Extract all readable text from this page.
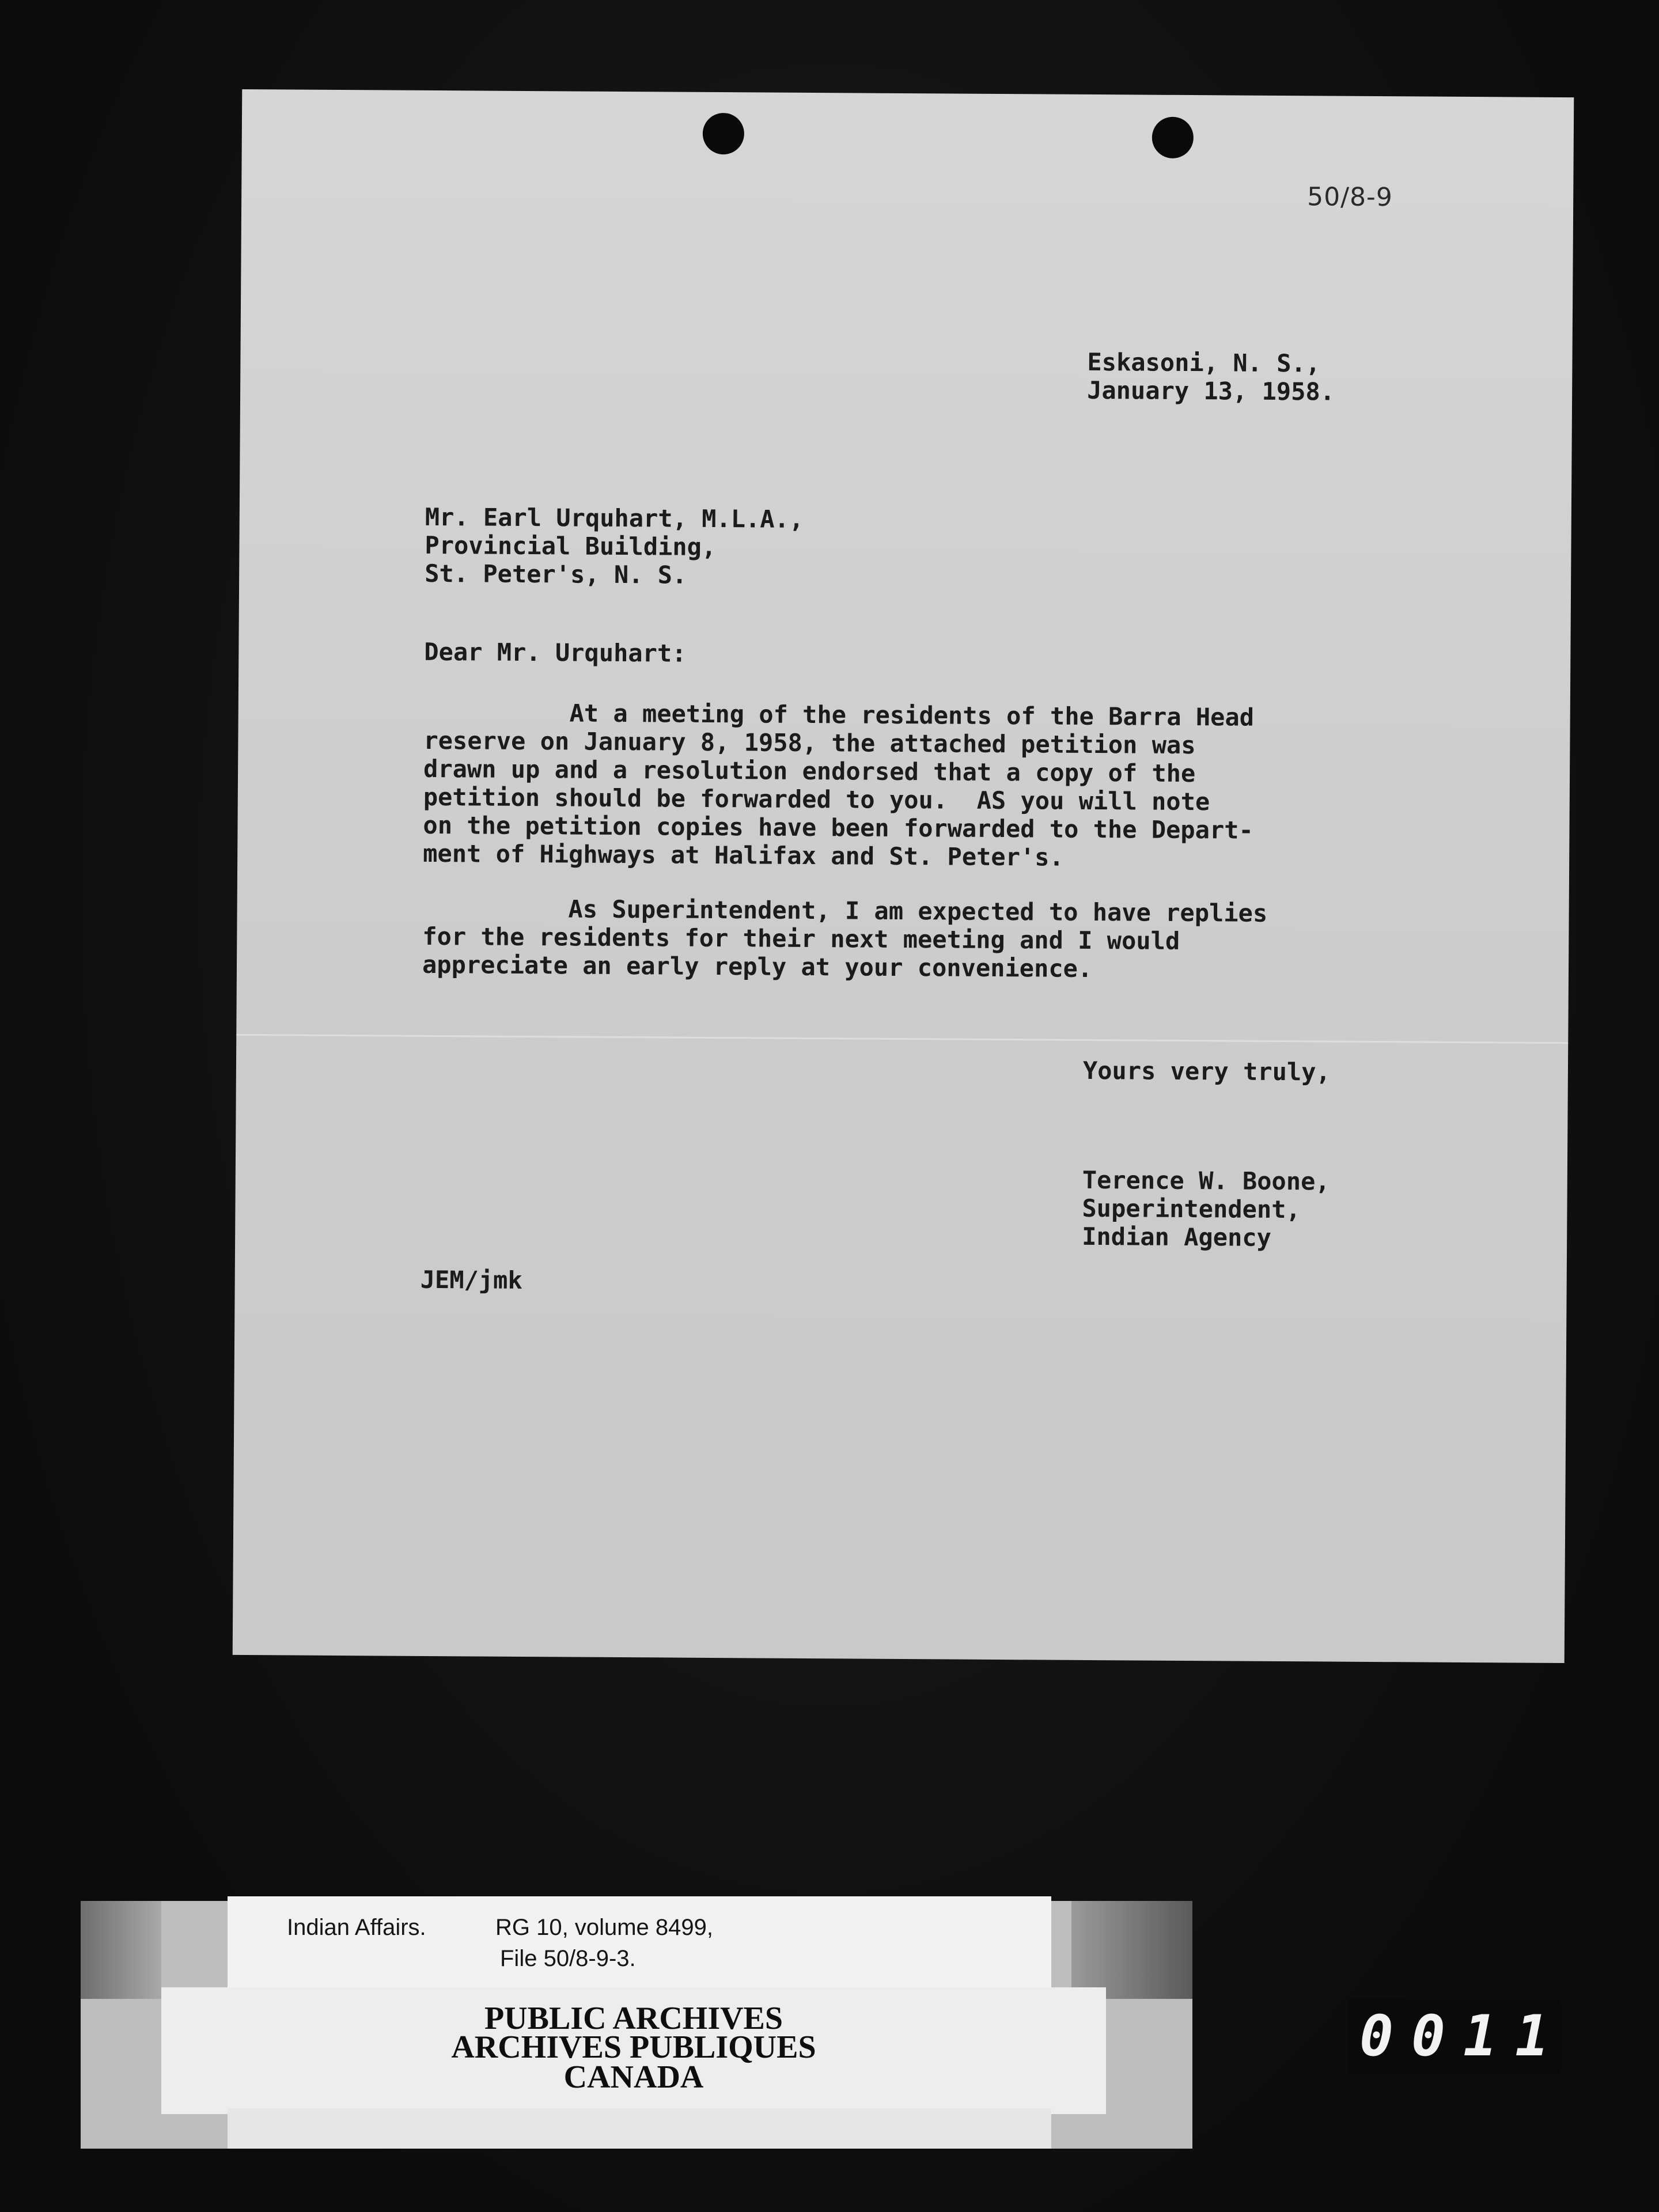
50/8-9
Eskasoni, N. S.,
January 13, 1958.
Mr. Earl Urquhart, M.L.A.,
Provincial Building,
St. Peter's, N. S.
Dear Mr. Urquhart:
At a meeting of the residents of the Barra Head
reserve on January 8, 1958, the attached petition was
drawn up and a resolution endorsed that a copy of the
petition should be forwarded to you.  AS you will note
on the petition copies have been forwarded to the Depart-
ment of Highways at Halifax and St. Peter's.
As Superintendent, I am expected to have replies
for the residents for their next meeting and I would
appreciate an early reply at your convenience.
Yours very truly,
Terence W. Boone,
Superintendent,
Indian Agency
JEM/jmk
Indian Affairs.	RG 10, volume 8499,
File 50/8-9-3.
PUBLIC ARCHIVES
ARCHIVES PUBLIQUES
CANADA
0 0 1 1
